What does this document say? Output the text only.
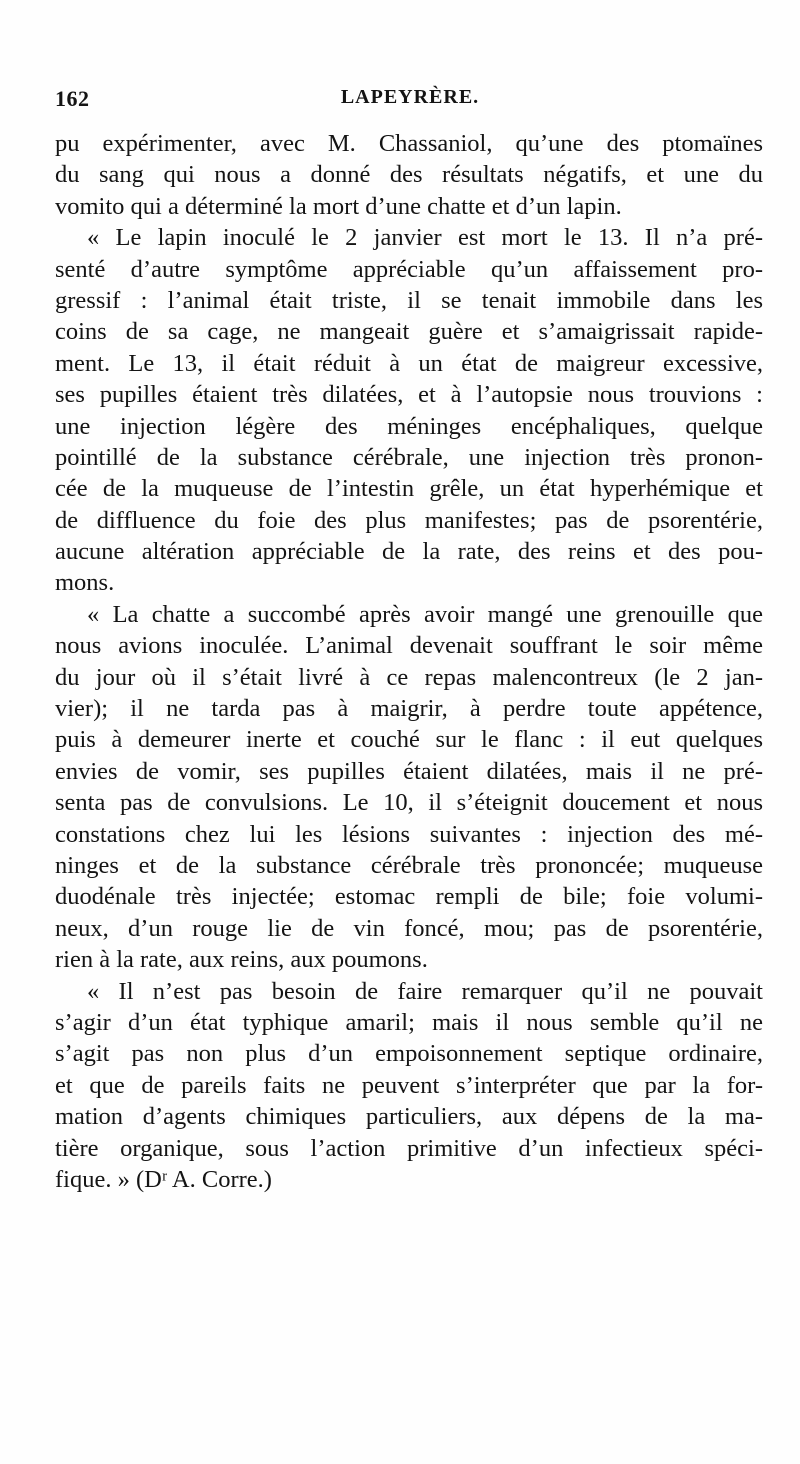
162	LAPEYRÈRE.
pu expérimenter, avec M. Chassaniol, qu’une des ptomaïnes
du sang qui nous a donné des résultats négatifs, et une du
vomito qui a déterminé la mort d’une chatte et d’un lapin.
« Le lapin inoculé le 2 janvier est mort le 13. Il n’a pré-
senté d’autre symptôme appréciable qu’un affaissement pro-
gressif : l’animal était triste, il se tenait immobile dans les
coins de sa cage, ne mangeait guère et s’amaigrissait rapide-
ment. Le 13, il était réduit à un état de maigreur excessive,
ses pupilles étaient très dilatées, et à l’autopsie nous trouvions :
une injection légère des méninges encéphaliques, quelque
pointillé de la substance cérébrale, une injection très pronon-
cée de la muqueuse de l’intestin grêle, un état hyperhémique et
de diffluence du foie des plus manifestes; pas de psorentérie,
aucune altération appréciable de la rate, des reins et des pou-
mons.
« La chatte a succombé après avoir mangé une grenouille que
nous avions inoculée. L’animal devenait souffrant le soir même
du jour où il s’était livré à ce repas malencontreux (le 2 jan-
vier); il ne tarda pas à maigrir, à perdre toute appétence,
puis à demeurer inerte et couché sur le flanc : il eut quelques
envies de vomir, ses pupilles étaient dilatées, mais il ne pré-
senta pas de convulsions. Le 10, il s’éteignit doucement et nous
constations chez lui les lésions suivantes : injection des mé-
ninges et de la substance cérébrale très prononcée; muqueuse
duodénale très injectée; estomac rempli de bile; foie volumi-
neux, d’un rouge lie de vin foncé, mou; pas de psorentérie,
rien à la rate, aux reins, aux poumons.
« Il n’est pas besoin de faire remarquer qu’il ne pouvait
s’agir d’un état typhique amaril; mais il nous semble qu’il ne
s’agit pas non plus d’un empoisonnement septique ordinaire,
et que de pareils faits ne peuvent s’interpréter que par la for-
mation d’agents chimiques particuliers, aux dépens de la ma-
tière organique, sous l’action primitive d’un infectieux spéci-
fique. » (Dʳ A. Corre.)
